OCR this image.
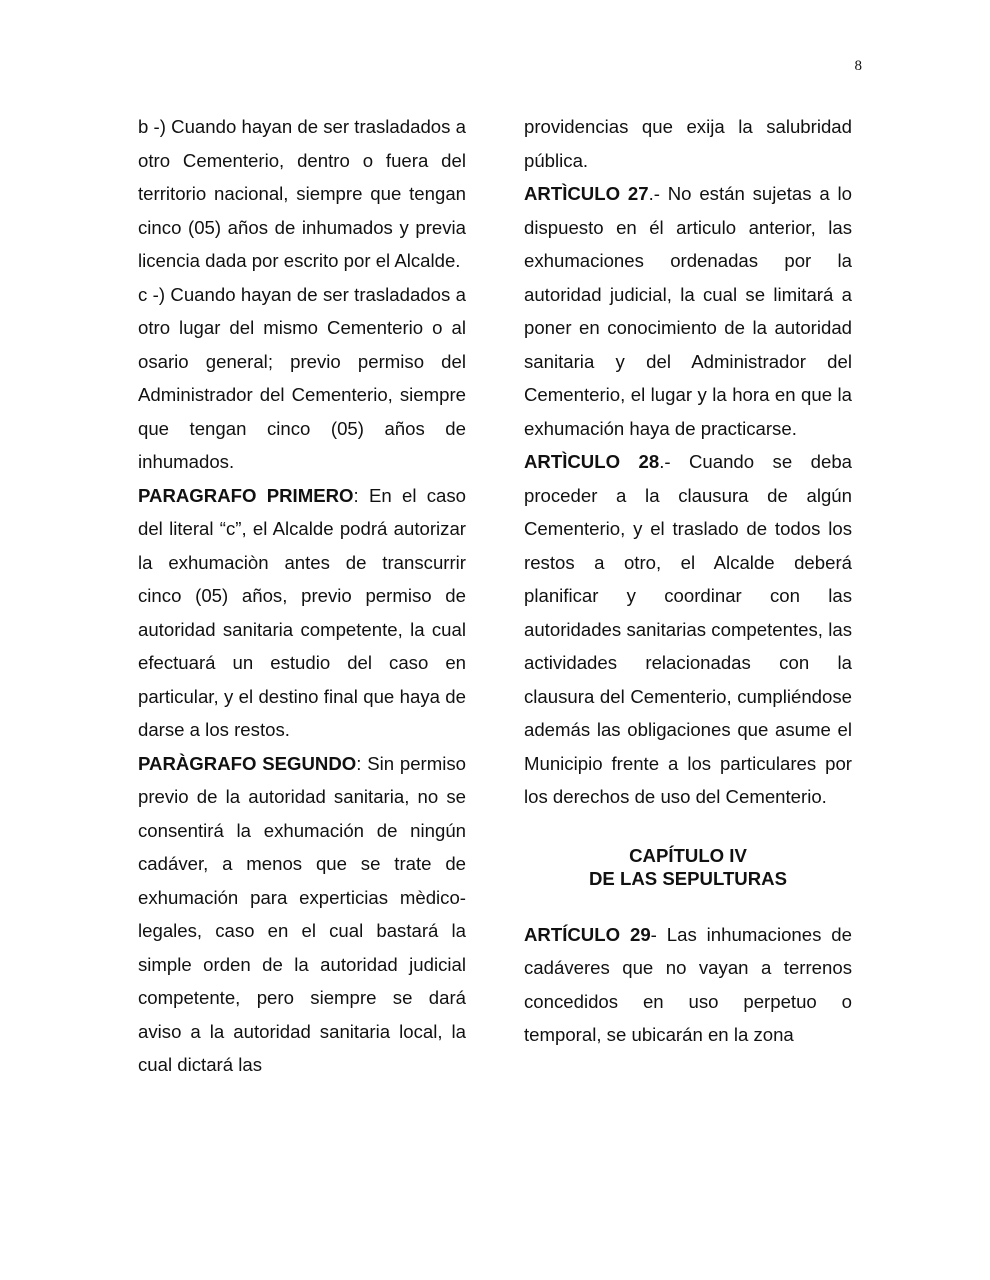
8

b -) Cuando hayan de ser trasladados a otro Cementerio, dentro o fuera del territorio nacional, siempre que tengan cinco (05) años de inhumados y previa licencia dada por escrito por el Alcalde.

c -) Cuando hayan de ser trasladados a otro lugar del mismo Cementerio o al osario general; previo permiso del Administrador del Cementerio, siempre que tengan cinco (05) años de inhumados.

PARAGRAFO PRIMERO: En el caso del literal “c”, el Alcalde podrá autorizar la exhumaciòn antes de transcurrir cinco (05) años, previo permiso de autoridad sanitaria competente, la cual efectuará un estudio del caso en particular, y el destino final que haya de darse a los restos.

PARÀGRAFO SEGUNDO: Sin permiso previo de la autoridad sanitaria, no se consentirá la exhumación de ningún cadáver, a menos que se trate de exhumación para experticias mèdico-legales, caso en el cual bastará la simple orden de la autoridad judicial competente, pero siempre se dará aviso a la autoridad sanitaria local, la cual dictará las

providencias que exija la salubridad pública.

ARTÌCULO 27.- No están sujetas a lo dispuesto en él articulo anterior, las exhumaciones ordenadas por la autoridad judicial, la cual se limitará a poner en conocimiento de la autoridad sanitaria y del Administrador del Cementerio, el lugar y la hora en que la exhumación haya de practicarse.

ARTÌCULO 28.- Cuando se deba proceder a la clausura de algún Cementerio, y el traslado de todos los restos a otro, el Alcalde deberá planificar y coordinar con las autoridades sanitarias competentes, las actividades relacionadas con la clausura del Cementerio, cumpliéndose además las obligaciones que asume el Municipio frente a los particulares por los derechos de uso del Cementerio.

CAPÍTULO IV
DE LAS SEPULTURAS

ARTÍCULO 29- Las inhumaciones de cadáveres que no vayan a terrenos concedidos en uso perpetuo o temporal, se ubicarán en la zona
